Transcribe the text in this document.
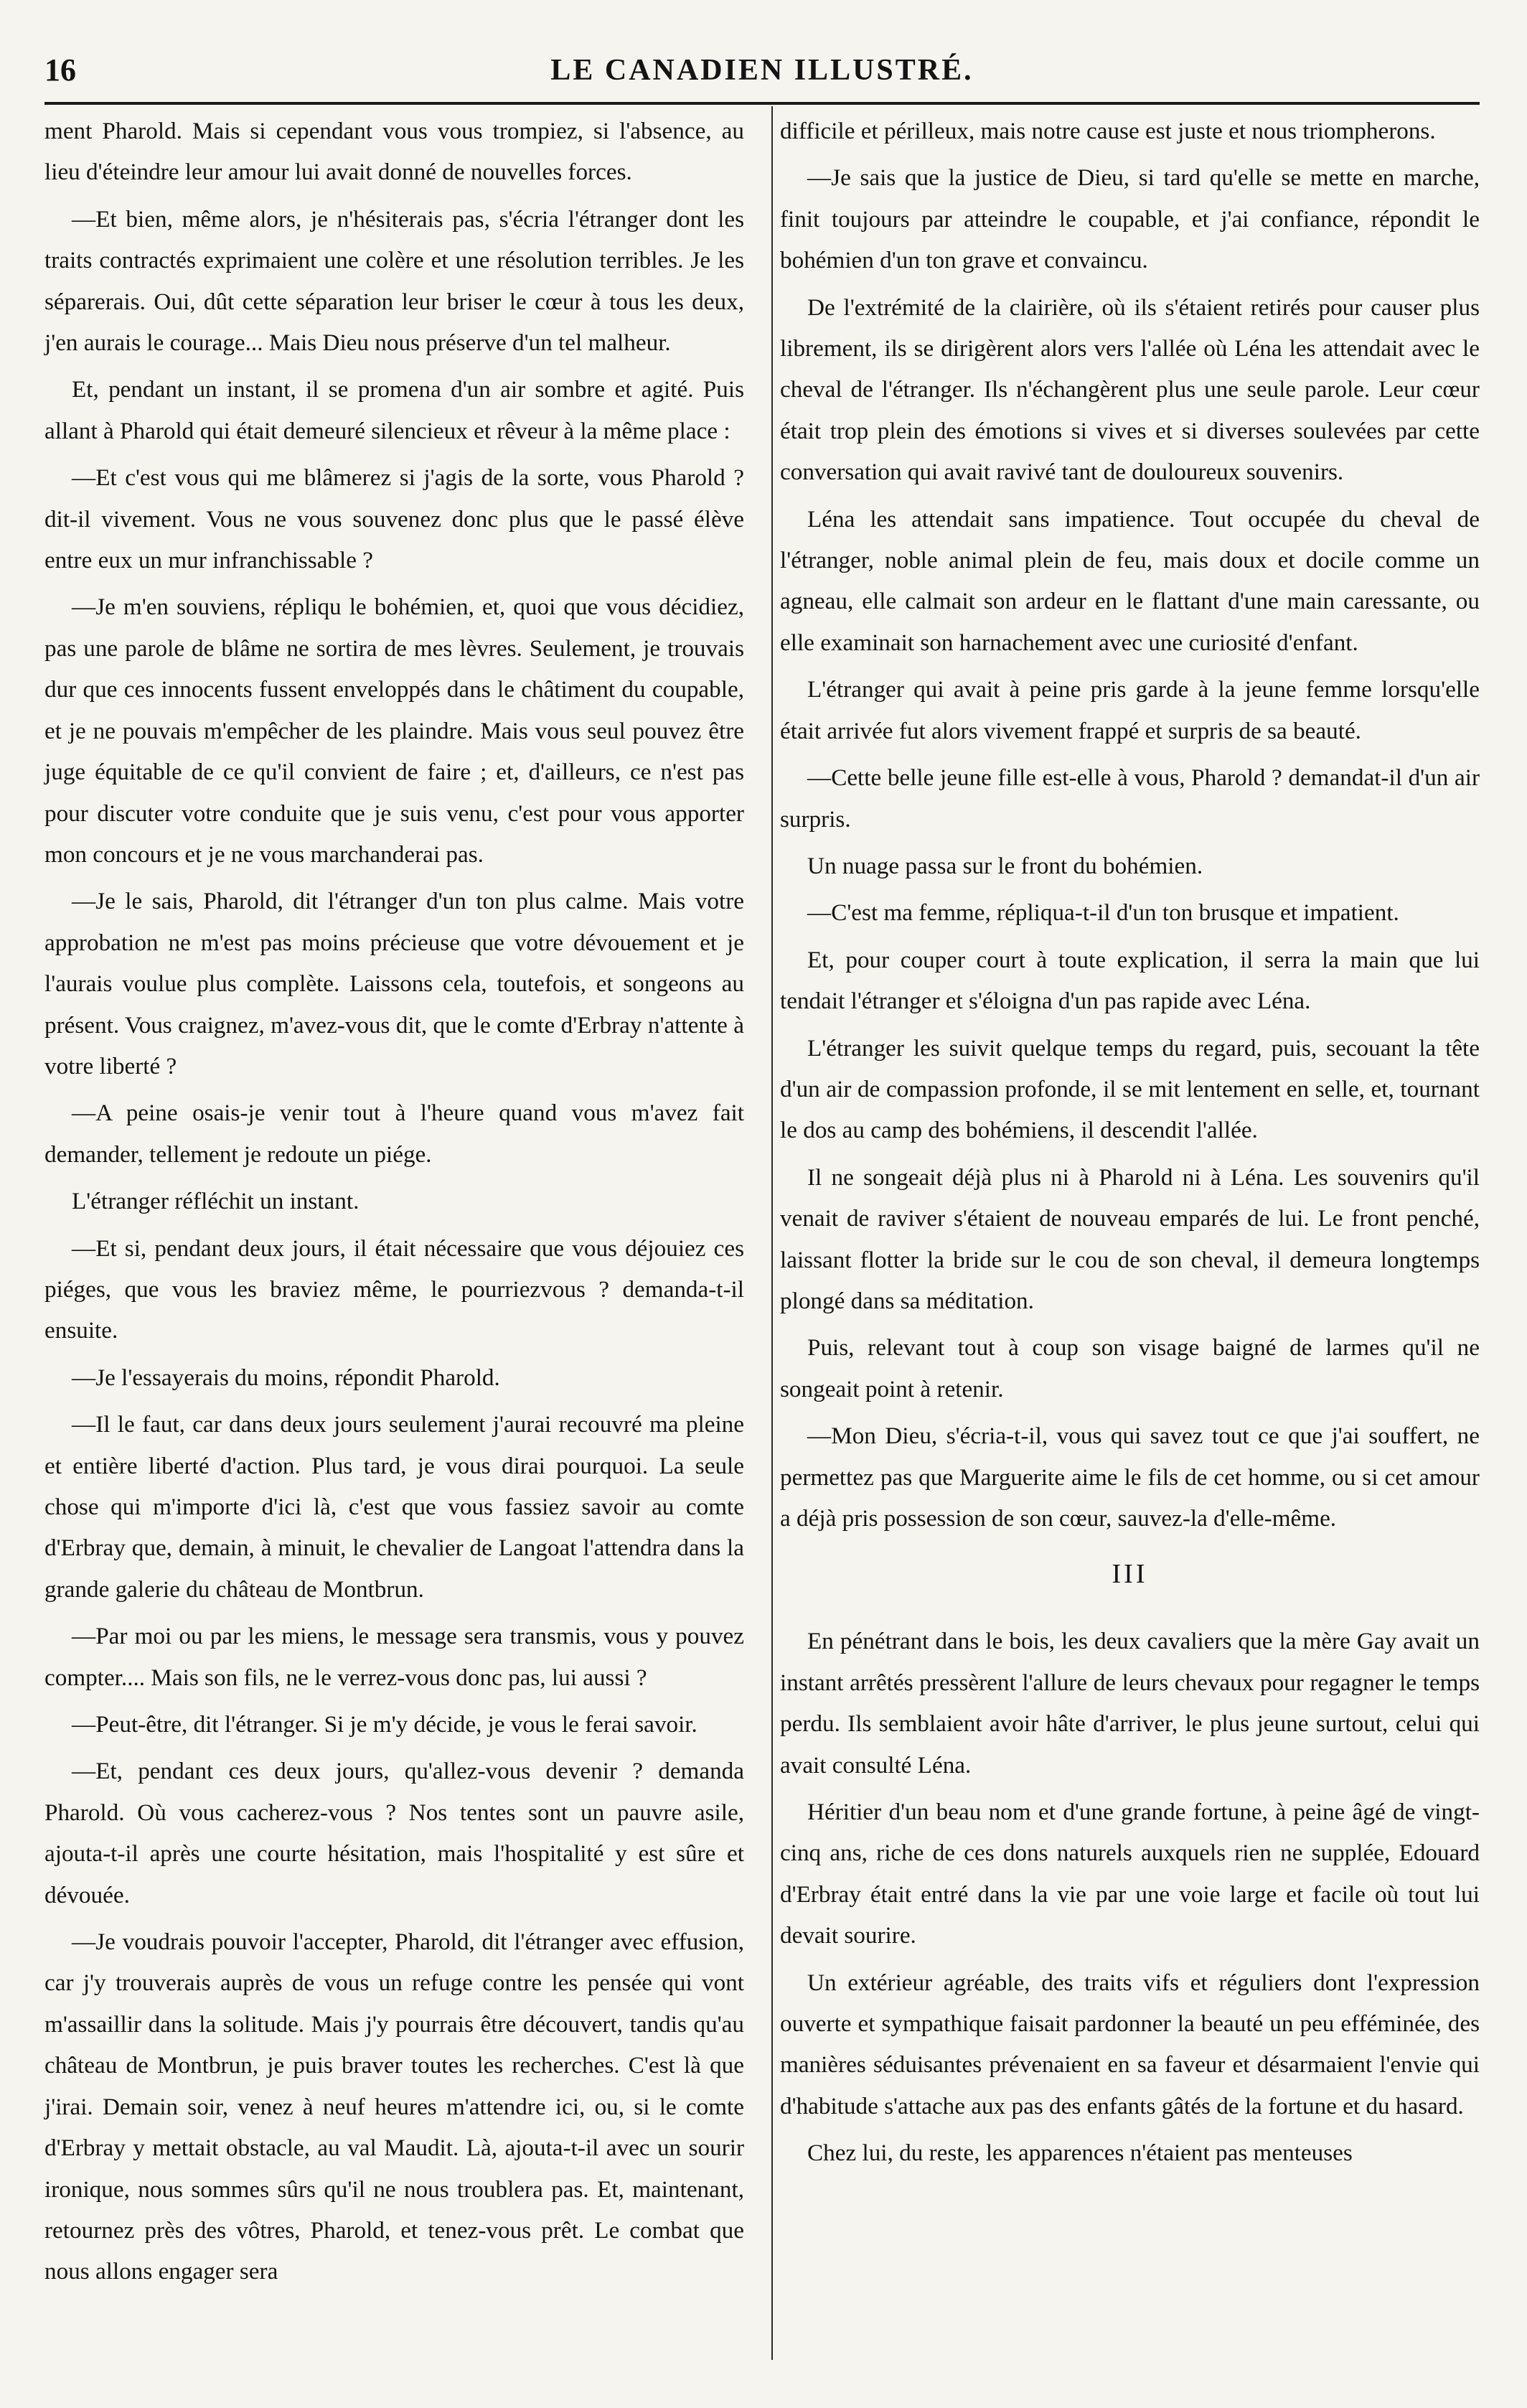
16	LE CANADIEN ILLUSTRÉ.

ment Pharold. Mais si cependant vous vous trompiez, si l'absence, au lieu d'éteindre leur amour lui avait donné de nouvelles forces.

—Et bien, même alors, je n'hésiterais pas, s'écria l'étranger dont les traits contractés exprimaient une colère et une résolution terribles. Je les séparerais. Oui, dût cette séparation leur briser le cœur à tous les deux, j'en aurais le courage... Mais Dieu nous préserve d'un tel malheur.

Et, pendant un instant, il se promena d'un air sombre et agité. Puis allant à Pharold qui était demeuré silencieux et rêveur à la même place :

—Et c'est vous qui me blâmerez si j'agis de la sorte, vous Pharold ? dit-il vivement. Vous ne vous souvenez donc plus que le passé élève entre eux un mur infranchissable ?

—Je m'en souviens, répliqu le bohémien, et, quoi que vous décidiez, pas une parole de blâme ne sortira de mes lèvres. Seulement, je trouvais dur que ces innocents fussent enveloppés dans le châtiment du coupable, et je ne pouvais m'empêcher de les plaindre. Mais vous seul pouvez être juge équitable de ce qu'il convient de faire ; et, d'ailleurs, ce n'est pas pour discuter votre conduite que je suis venu, c'est pour vous apporter mon concours et je ne vous marchanderai pas.

—Je le sais, Pharold, dit l'étranger d'un ton plus calme. Mais votre approbation ne m'est pas moins précieuse que votre dévouement et je l'aurais voulue plus complète. Laissons cela, toutefois, et songeons au présent. Vous craignez, m'avez-vous dit, que le comte d'Erbray n'attente à votre liberté ?

—A peine osais-je venir tout à l'heure quand vous m'avez fait demander, tellement je redoute un piége.

L'étranger réfléchit un instant.

—Et si, pendant deux jours, il était nécessaire que vous déjouiez ces piéges, que vous les braviez même, le pourriezvous ? demanda-t-il ensuite.

—Je l'essayerais du moins, répondit Pharold.

—Il le faut, car dans deux jours seulement j'aurai recouvré ma pleine et entière liberté d'action. Plus tard, je vous dirai pourquoi. La seule chose qui m'importe d'ici là, c'est que vous fassiez savoir au comte d'Erbray que, demain, à minuit, le chevalier de Langoat l'attendra dans la grande galerie du château de Montbrun.

—Par moi ou par les miens, le message sera transmis, vous y pouvez compter.... Mais son fils, ne le verrez-vous donc pas, lui aussi ?

—Peut-être, dit l'étranger. Si je m'y décide, je vous le ferai savoir.

—Et, pendant ces deux jours, qu'allez-vous devenir ? demanda Pharold. Où vous cacherez-vous ? Nos tentes sont un pauvre asile, ajouta-t-il après une courte hésitation, mais l'hospitalité y est sûre et dévouée.

—Je voudrais pouvoir l'accepter, Pharold, dit l'étranger avec effusion, car j'y trouverais auprès de vous un refuge contre les pensée qui vont m'assaillir dans la solitude. Mais j'y pourrais être découvert, tandis qu'au château de Montbrun, je puis braver toutes les recherches. C'est là que j'irai. Demain soir, venez à neuf heures m'attendre ici, ou, si le comte d'Erbray y mettait obstacle, au val Maudit. Là, ajouta-t-il avec un sourir ironique, nous sommes sûrs qu'il ne nous troublera pas. Et, maintenant, retournez près des vôtres, Pharold, et tenez-vous prêt. Le combat que nous allons engager sera

difficile et périlleux, mais notre cause est juste et nous triompherons.

—Je sais que la justice de Dieu, si tard qu'elle se mette en marche, finit toujours par atteindre le coupable, et j'ai confiance, répondit le bohémien d'un ton grave et convaincu.

De l'extrémité de la clairière, où ils s'étaient retirés pour causer plus librement, ils se dirigèrent alors vers l'allée où Léna les attendait avec le cheval de l'étranger. Ils n'échangèrent plus une seule parole. Leur cœur était trop plein des émotions si vives et si diverses soulevées par cette conversation qui avait ravivé tant de douloureux souvenirs.

Léna les attendait sans impatience. Tout occupée du cheval de l'étranger, noble animal plein de feu, mais doux et docile comme un agneau, elle calmait son ardeur en le flattant d'une main caressante, ou elle examinait son harnachement avec une curiosité d'enfant.

L'étranger qui avait à peine pris garde à la jeune femme lorsqu'elle était arrivée fut alors vivement frappé et surpris de sa beauté.

—Cette belle jeune fille est-elle à vous, Pharold ? demandat-il d'un air surpris.

Un nuage passa sur le front du bohémien.

—C'est ma femme, répliqua-t-il d'un ton brusque et impatient.

Et, pour couper court à toute explication, il serra la main que lui tendait l'étranger et s'éloigna d'un pas rapide avec Léna.

L'étranger les suivit quelque temps du regard, puis, secouant la tête d'un air de compassion profonde, il se mit lentement en selle, et, tournant le dos au camp des bohémiens, il descendit l'allée.

Il ne songeait déjà plus ni à Pharold ni à Léna. Les souvenirs qu'il venait de raviver s'étaient de nouveau emparés de lui. Le front penché, laissant flotter la bride sur le cou de son cheval, il demeura longtemps plongé dans sa méditation.

Puis, relevant tout à coup son visage baigné de larmes qu'il ne songeait point à retenir.

—Mon Dieu, s'écria-t-il, vous qui savez tout ce que j'ai souffert, ne permettez pas que Marguerite aime le fils de cet homme, ou si cet amour a déjà pris possession de son cœur, sauvez-la d'elle-même.

III

En pénétrant dans le bois, les deux cavaliers que la mère Gay avait un instant arrêtés pressèrent l'allure de leurs chevaux pour regagner le temps perdu. Ils semblaient avoir hâte d'arriver, le plus jeune surtout, celui qui avait consulté Léna.

Héritier d'un beau nom et d'une grande fortune, à peine âgé de vingt-cinq ans, riche de ces dons naturels auxquels rien ne supplée, Edouard d'Erbray était entré dans la vie par une voie large et facile où tout lui devait sourire.

Un extérieur agréable, des traits vifs et réguliers dont l'expression ouverte et sympathique faisait pardonner la beauté un peu efféminée, des manières séduisantes prévenaient en sa faveur et désarmaient l'envie qui d'habitude s'attache aux pas des enfants gâtés de la fortune et du hasard.

Chez lui, du reste, les apparences n'étaient pas menteuses
